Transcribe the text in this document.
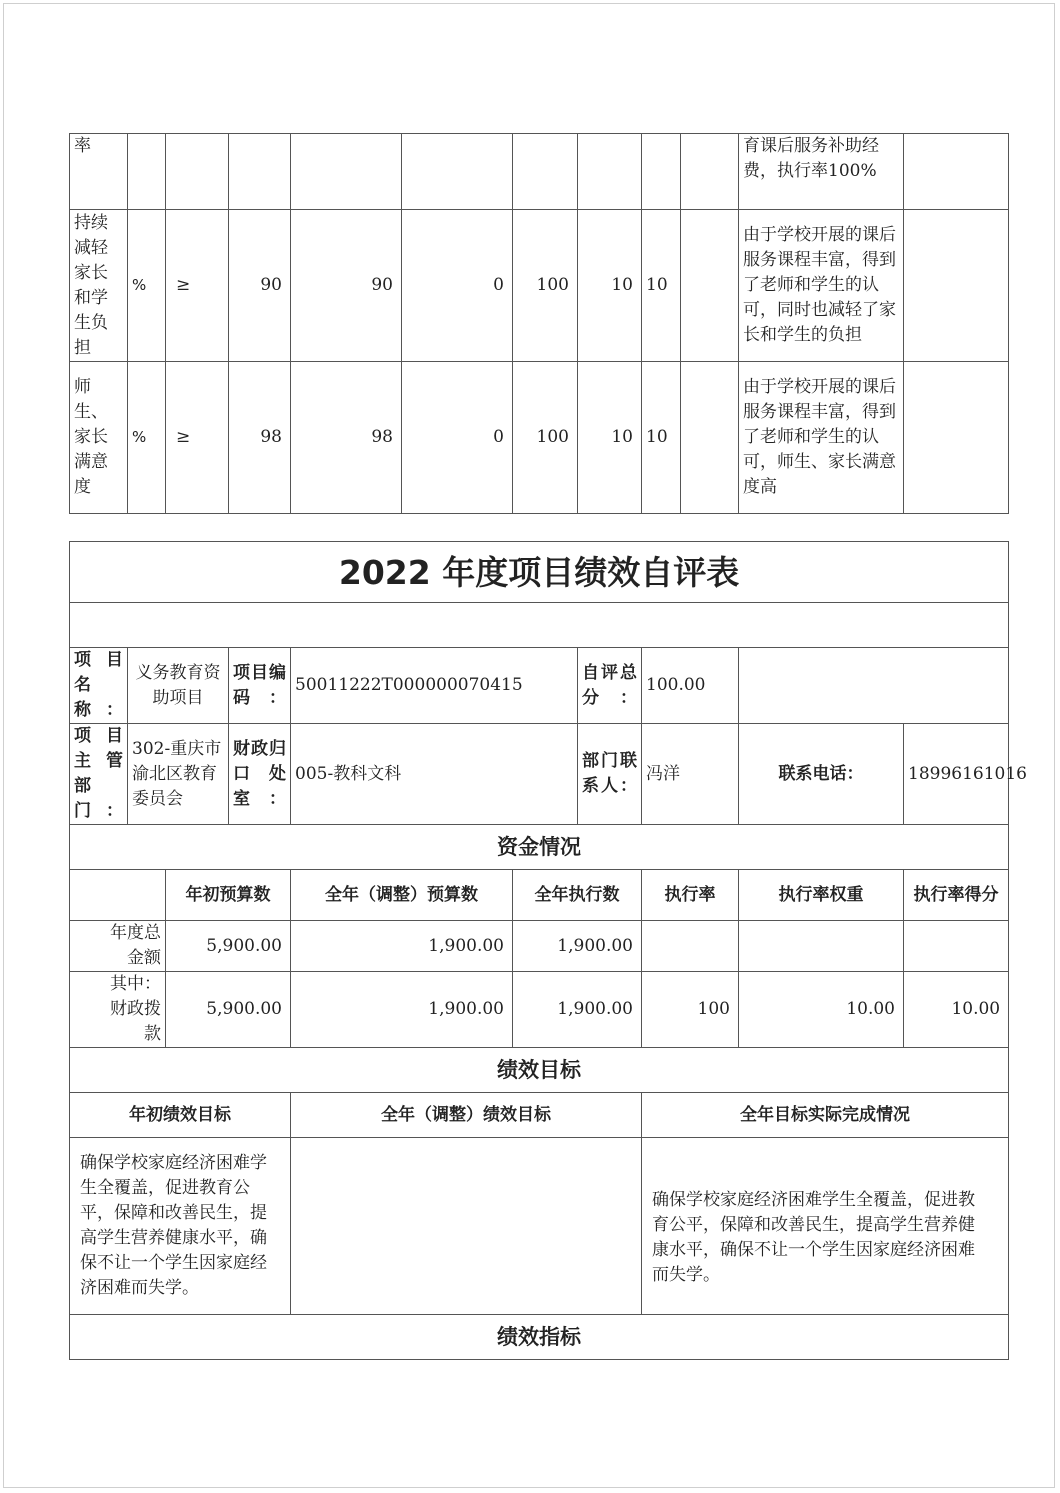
率										育课后服务补助经费，执行率100%	
持续减轻家长和学生负担	%	≥	90	90	0	100	10	10		由于学校开展的课后服务课程丰富，得到了老师和学生的认可，同时也减轻了家长和学生的负担	
师生、家长满意度	%	≥	98	98	0	100	10	10		由于学校开展的课后服务课程丰富，得到了老师和学生的认可，师生、家长满意度高	
2022 年度项目绩效自评表									

项目名称：	义务教育资助项目		项目编码：	50011222T000000070415		自评总分：	100.00		
项目主管部门：	302-重庆市渝北区教育委员会		财政归口处室：	005-教科文科		部门联系人：	冯洋	联系电话：	18996161016
资金情况									
		年初预算数		全年（调整）预算数	全年执行数		执行率	执行率权重	执行率得分
年度总金额		5,900.00		1,900.00	1,900.00				
其中：财政拨款		5,900.00		1,900.00	1,900.00		100	10.00	10.00
绩效目标									
年初绩效目标				全年（调整）绩效目标			全年目标实际完成情况		
确保学校家庭经济困难学生全覆盖，促进教育公平，保障和改善民生，提高学生营养健康水平，确保不让一个学生因家庭经济困难而失学。							确保学校家庭经济困难学生全覆盖，促进教育公平，保障和改善民生，提高学生营养健康水平，确保不让一个学生因家庭经济困难而失学。		
绩效指标									
